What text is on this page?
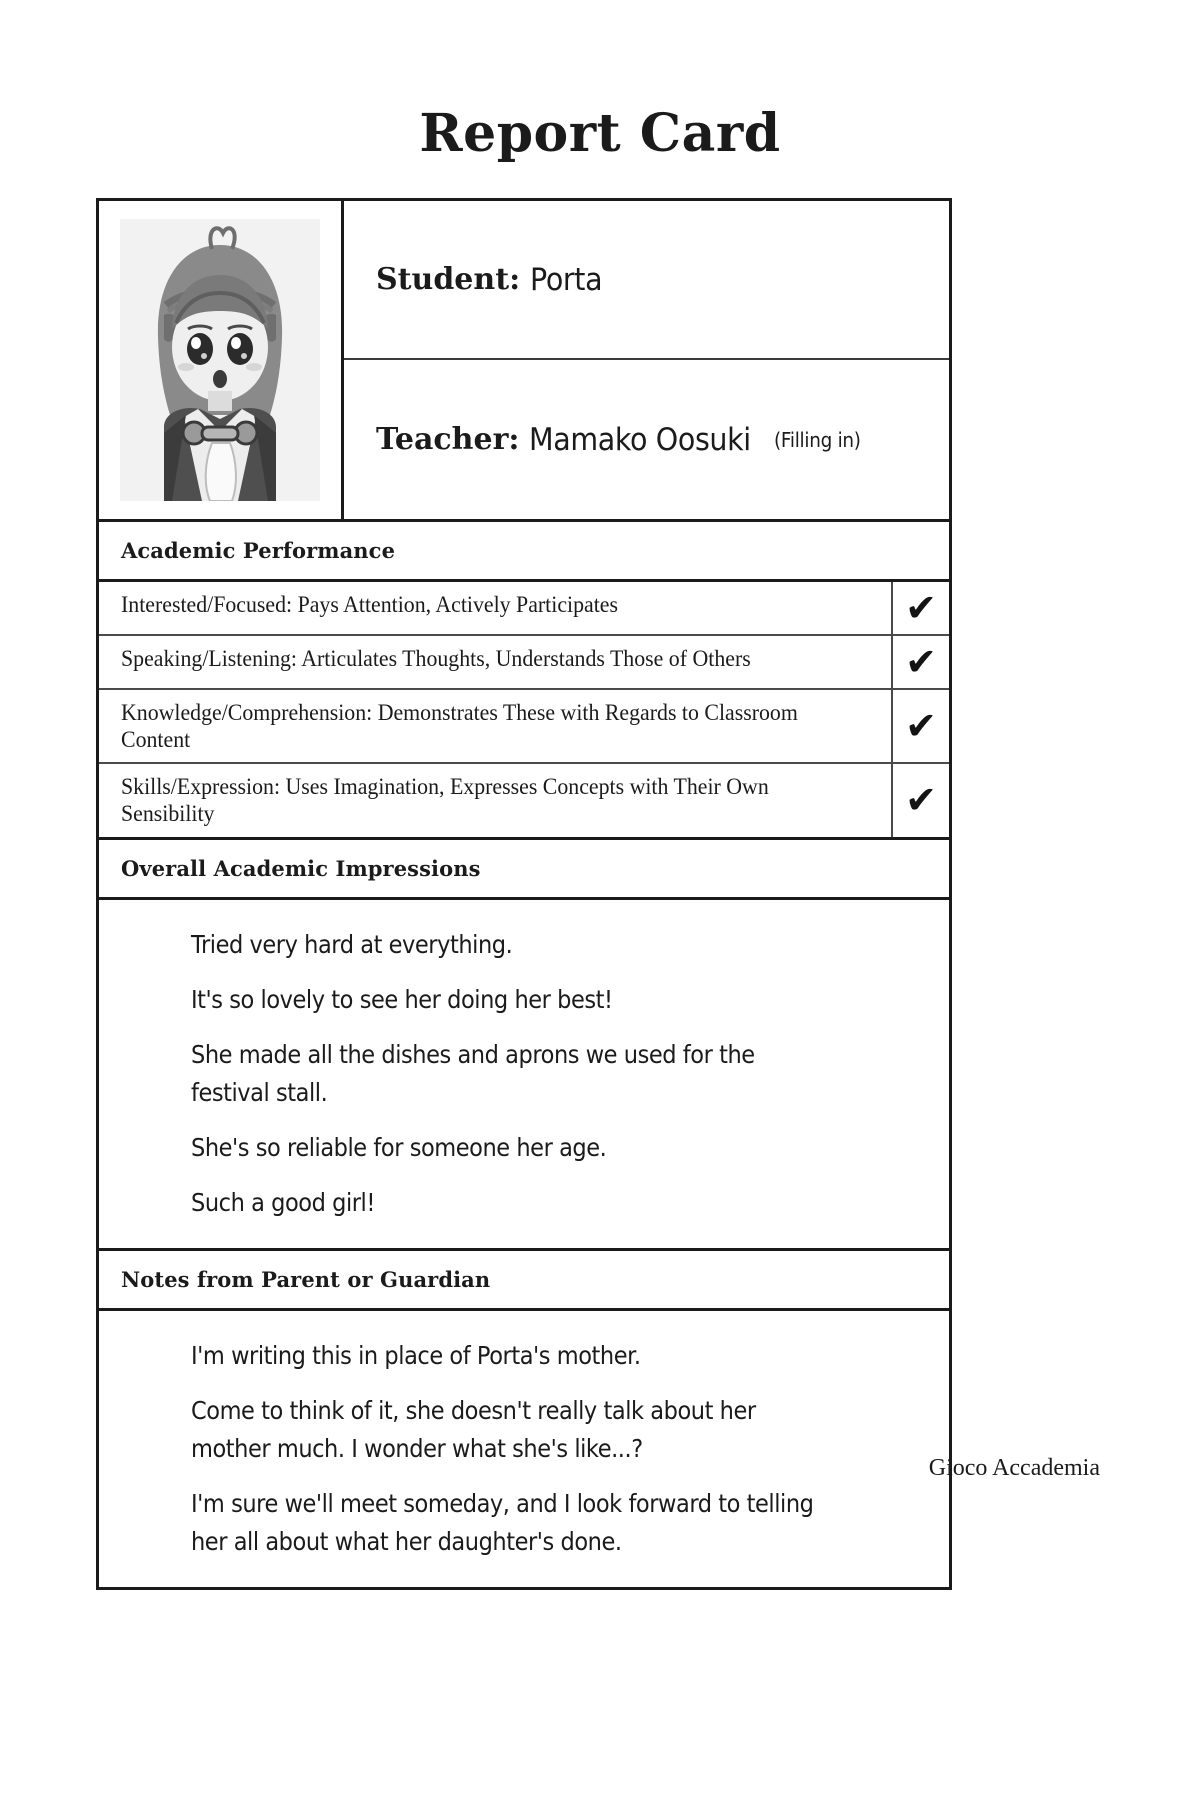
Report Card
Student: Porta
Teacher: Mamako Oosuki (Filling in)
Academic Performance
Interested/Focused: Pays Attention, Actively Participates	✔
Speaking/Listening: Articulates Thoughts, Understands Those of Others	✔
Knowledge/Comprehension: Demonstrates These with Regards to Classroom Content	✔
Skills/Expression: Uses Imagination, Expresses Concepts with Their Own Sensibility	✔
Overall Academic Impressions
Tried very hard at everything.
It's so lovely to see her doing her best!
She made all the dishes and aprons we used for the festival stall.
She's so reliable for someone her age.
Such a good girl!
Notes from Parent or Guardian
I'm writing this in place of Porta's mother.
Come to think of it, she doesn't really talk about her mother much. I wonder what she's like...?
I'm sure we'll meet someday, and I look forward to telling her all about what her daughter's done.
Gioco Accademia
